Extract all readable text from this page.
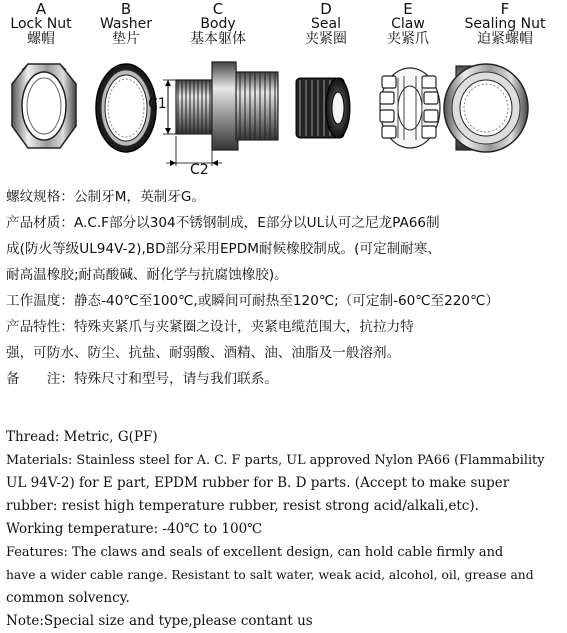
A
Lock Nut
螺帽
B
Washer
垫片
C
Body
基本躯体
D
Seal
夹紧圈
E
Claw
夹紧爪
F
Sealing Nut
迫紧螺帽
C1
C2
螺纹规格：公制牙M，英制牙G。
产品材质：A.C.F部分以304不锈钢制成，E部分以UL认可之尼龙PA66制
成(防火等级UL94V-2),BD部分采用EPDM耐候橡胶制成。(可定制耐寒、
耐高温橡胶;耐高酸碱、耐化学与抗腐蚀橡胶)。
工作温度：静态-40℃至100℃,或瞬间可耐热至120℃;（可定制-60℃至220℃）
产品特性：特殊夹紧爪与夹紧圈之设计，夹紧电缆范围大，抗拉力特
强，可防水、防尘、抗盐、耐弱酸、酒精、油、油脂及一般溶剂。
备　　注：特殊尺寸和型号，请与我们联系。
Thread: Metric, G(PF)
Materials: Stainless steel for A. C. F parts, UL approved Nylon PA66 (Flammability
UL 94V-2) for E part, EPDM rubber for B. D parts. (Accept to make super
rubber: resist high temperature rubber, resist strong acid/alkali,etc).
Working temperature: -40℃ to 100℃
Features: The claws and seals of excellent design, can hold cable firmly and
have a wider cable range. Resistant to salt water, weak acid, alcohol, oil, grease and
common solvency.
Note:Special size and type,please contant us
